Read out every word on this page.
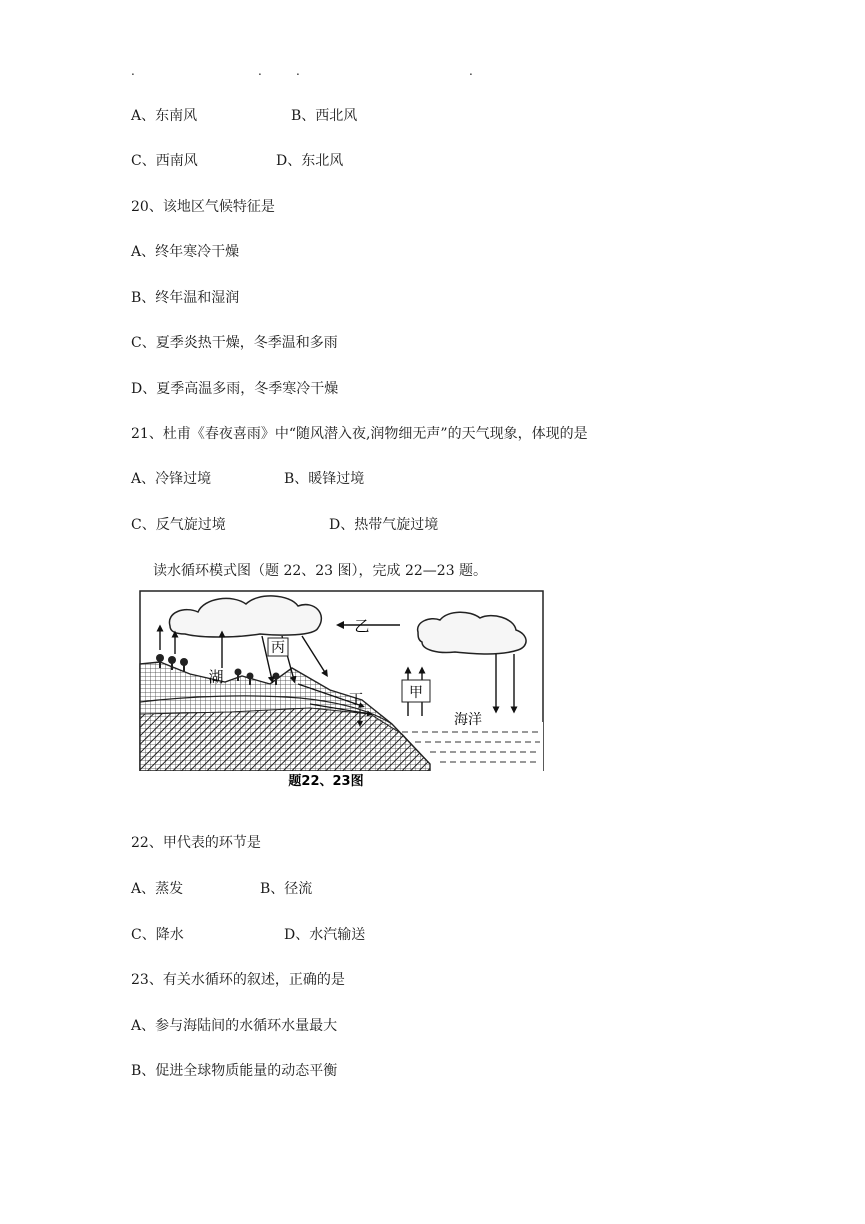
.	.	.	.
A、东南风	B、西北风
C、西南风	D、东北风
20、该地区气候特征是
A、终年寒冷干燥
B、终年温和湿润
C、夏季炎热干燥，冬季温和多雨
D、夏季高温多雨，冬季寒冷干燥
21、杜甫《春夜喜雨》中“随风潜入夜,润物细无声”的天气现象，体现的是
A、冷锋过境	B、暖锋过境
C、反气旋过境	D、热带气旋过境
读水循环模式图（题 22、23 图），完成 22—23 题。
丙
乙
湖
丁	甲
海洋
题22、23图
22、甲代表的环节是
A、蒸发	B、径流
C、降水	D、水汽输送
23、有关水循环的叙述，正确的是
A、参与海陆间的水循环水量最大
B、促进全球物质能量的动态平衡
